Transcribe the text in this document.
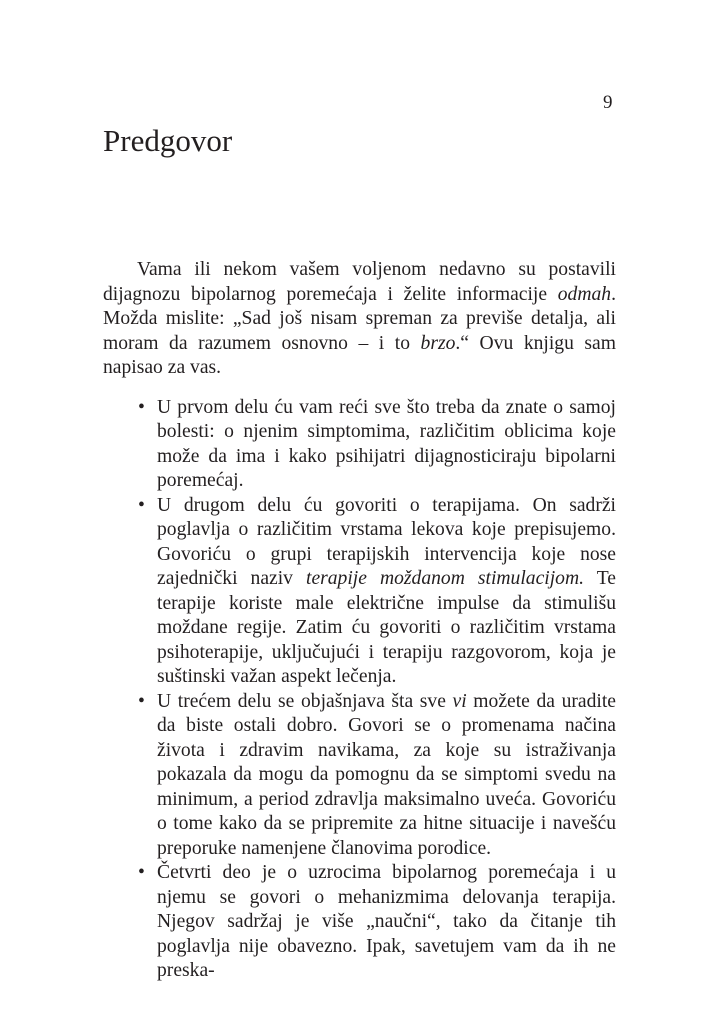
9
Predgovor

Vama ili nekom vašem voljenom nedavno su postavili dijagnozu bipolarnog poremećaja i želite informacije odmah. Možda mislite: „Sad još nisam spreman za previše detalja, ali moram da razumem osnovno – i to brzo.“ Ovu knjigu sam napisao za vas.

• U prvom delu ću vam reći sve što treba da znate o samoj bolesti: o njenim simptomima, različitim oblicima koje može da ima i kako psihijatri dijagnosticiraju bipolarni poremećaj.
• U drugom delu ću govoriti o terapijama. On sadrži poglavlja o različitim vrstama lekova koje prepisujemo. Govoriću o grupi terapijskih intervencija koje nose zajednički naziv terapije moždanom stimulacijom. Te terapije koriste male električne impulse da stimulišu moždane regije. Zatim ću govoriti o različitim vrstama psihoterapije, uključujući i terapiju razgovorom, koja je suštinski važan aspekt lečenja.
• U trećem delu se objašnjava šta sve vi možete da uradite da biste ostali dobro. Govori se o promenama načina života i zdravim navikama, za koje su istraživanja pokazala da mogu da pomognu da se simptomi svedu na minimum, a period zdravlja maksimalno uveća. Govoriću o tome kako da se pripremite za hitne situacije i navešću preporuke namenjene članovima porodice.
• Četvrti deo je o uzrocima bipolarnog poremećaja i u njemu se govori o mehanizmima delovanja terapija. Njegov sadržaj je više „naučni“, tako da čitanje tih poglavlja nije obavezno. Ipak, savetujem vam da ih ne preska-
